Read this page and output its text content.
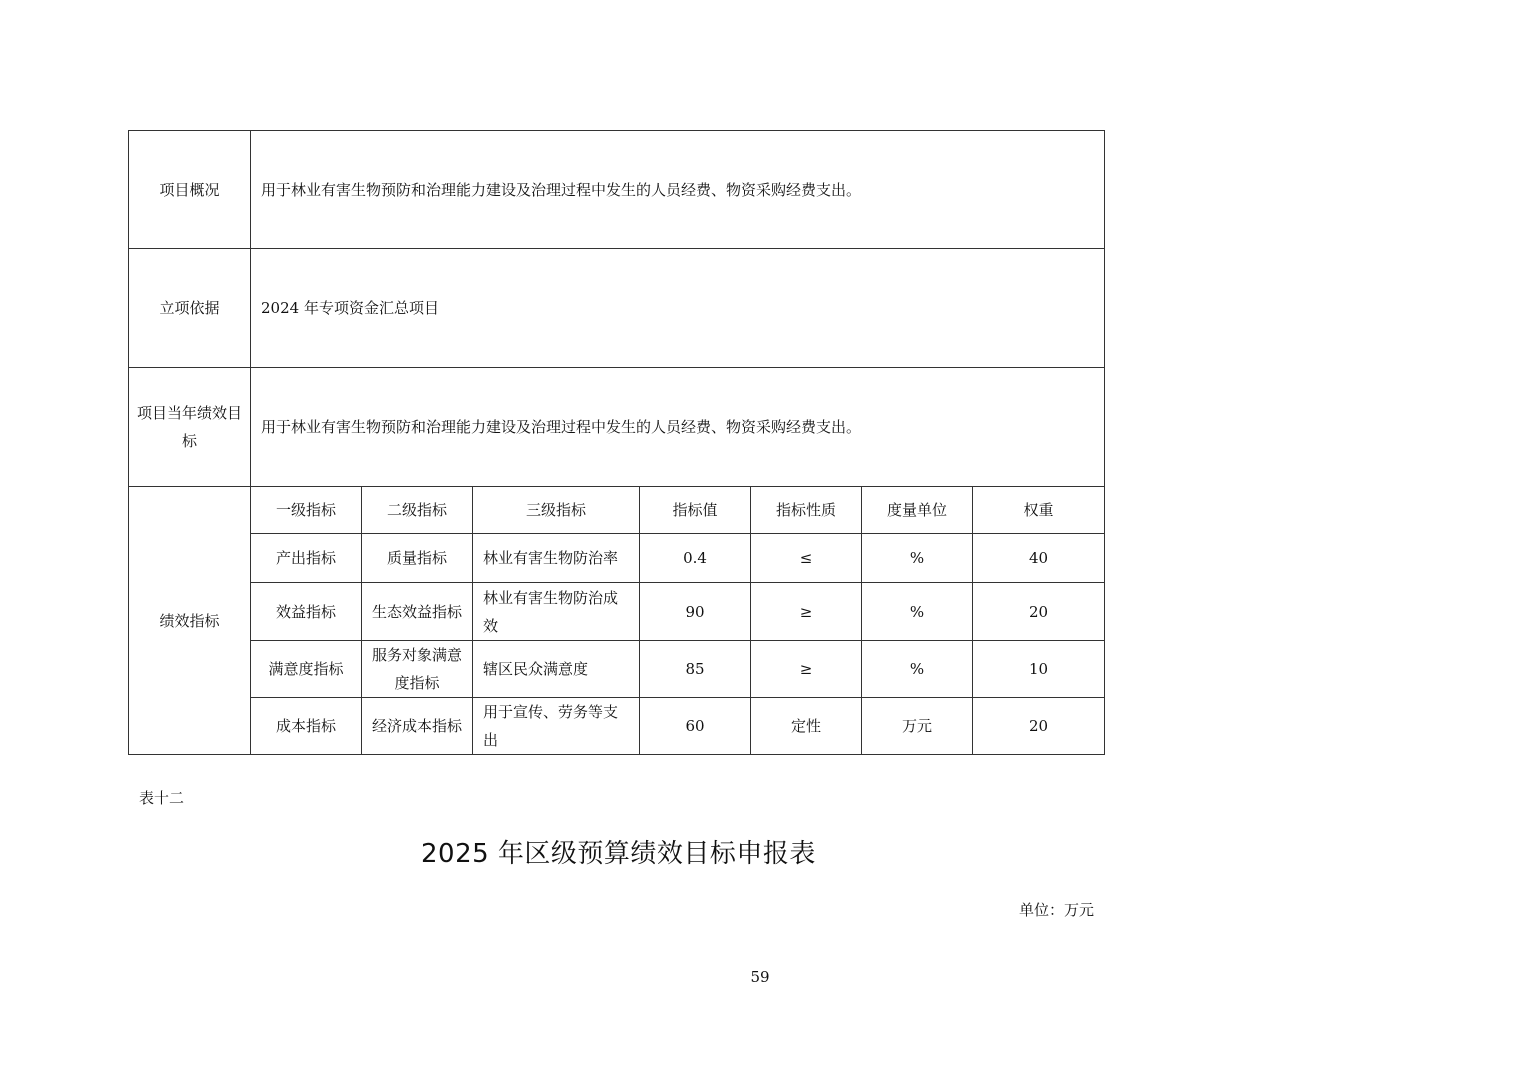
项目概况	用于林业有害生物预防和治理能力建设及治理过程中发生的人员经费、物资采购经费支出。						
立项依据	2024 年专项资金汇总项目						
项目当年绩效目标	用于林业有害生物预防和治理能力建设及治理过程中发生的人员经费、物资采购经费支出。						
绩效指标	一级指标	二级指标	三级指标	指标值	指标性质	度量单位	权重
	产出指标	质量指标	林业有害生物防治率	0.4	≤	%	40
	效益指标	生态效益指标	林业有害生物防治成效	90	≥	%	20
	满意度指标	服务对象满意度指标	辖区民众满意度	85	≥	%	10
	成本指标	经济成本指标	用于宣传、劳务等支出	60	定性	万元	20
表十二
2025 年区级预算绩效目标申报表
单位：万元
59
